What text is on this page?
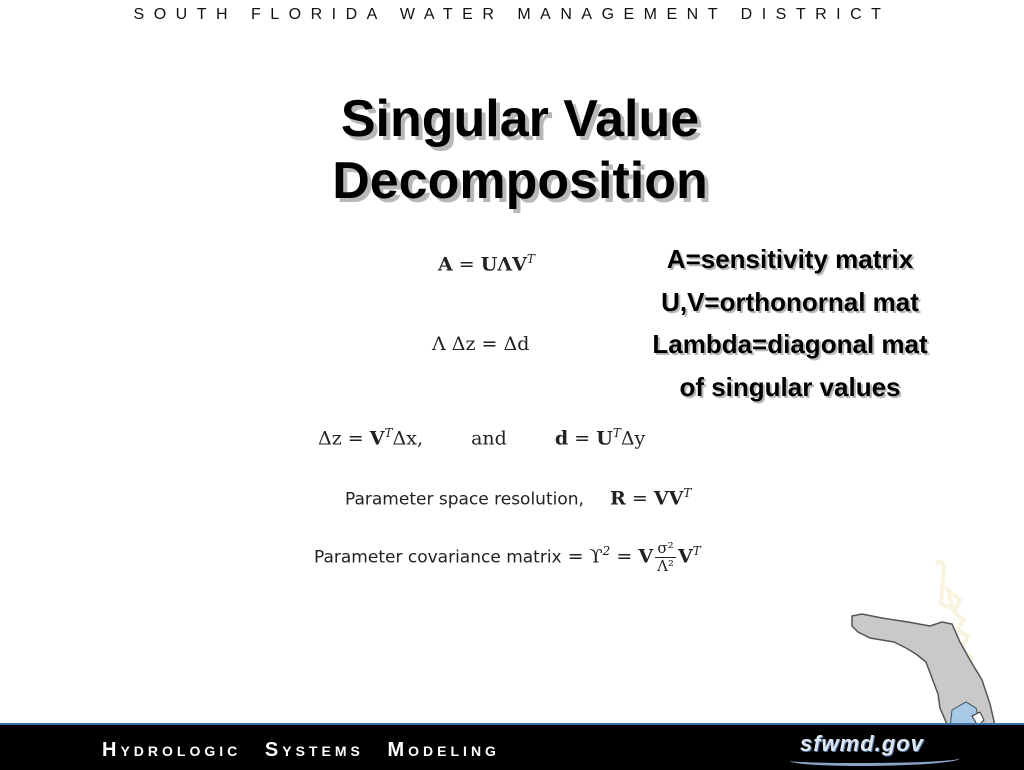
SOUTH FLORIDA WATER MANAGEMENT DISTRICT
Singular Value
Decomposition
A=sensitivity matrix
U,V=orthonornal mat
Lambda=diagonal mat
of singular values
$A = U\Lambda V^T$
Λ Δz = Δd
$\Delta z = V^T\Delta x$,	and	$d = U^T\Delta y$
Parameter space resolution, $R = VV^T$
Parameter covariance matrix = $ϒ^2 = V \frac{\text{σ²}}{\text{Λ²}} V^T$
HYDROLOGIC SYSTEMS MODELING	sfwmd.gov
